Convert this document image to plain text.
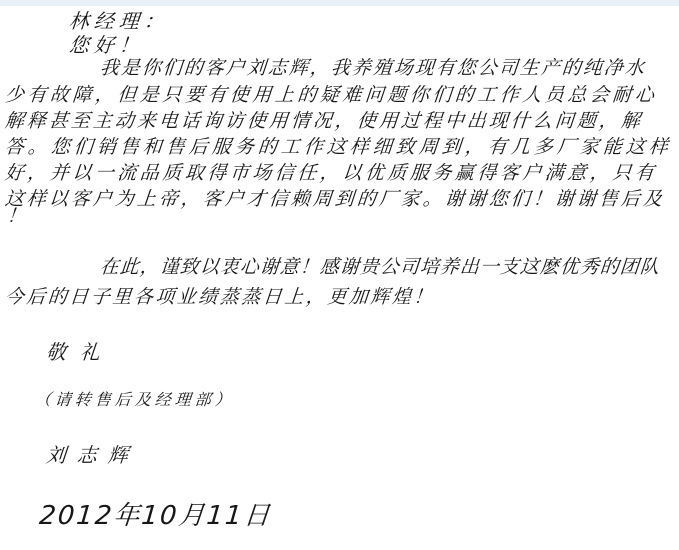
林经理：
您好！
我是你们的客户刘志辉，我养殖场现有您公司生产的纯净水
少有故障，但是只要有使用上的疑难问题你们的工作人员总会耐心
解释甚至主动来电话询访使用情况，使用过程中出现什么问题，解
答。您们销售和售后服务的工作这样细致周到，有几多厂家能这样
好，并以一流品质取得市场信任，以优质服务赢得客户满意，只有
这样以客户为上帝，客户才信赖周到的厂家。谢谢您们！谢谢售后及
！
在此，谨致以衷心谢意！感谢贵公司培养出一支这麽优秀的团队
今后的日子里各项业绩蒸蒸日上，更加辉煌！
敬礼
（请转售后及经理部）
刘志辉
2012年10月11日
